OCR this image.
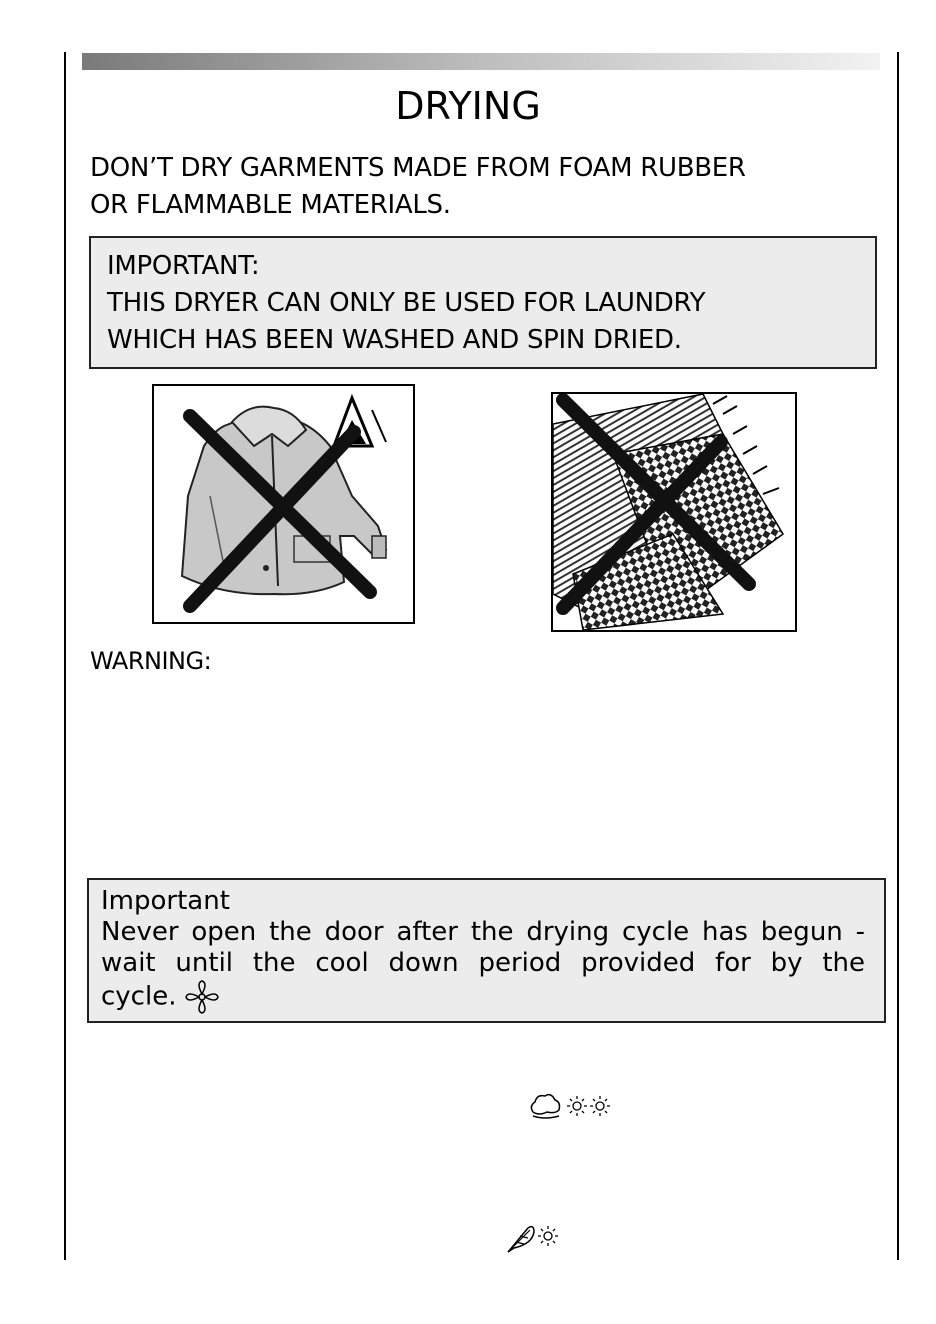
DRYING
DON’T DRY GARMENTS MADE FROM FOAM RUBBER
OR FLAMMABLE MATERIALS.
IMPORTANT:
THIS DRYER CAN ONLY BE USED FOR LAUNDRY
WHICH HAS BEEN WASHED AND SPIN DRIED.
WARNING:
Important
Never open the door after the drying cycle has begun -
wait until the cool down period provided for by the
cycle.
